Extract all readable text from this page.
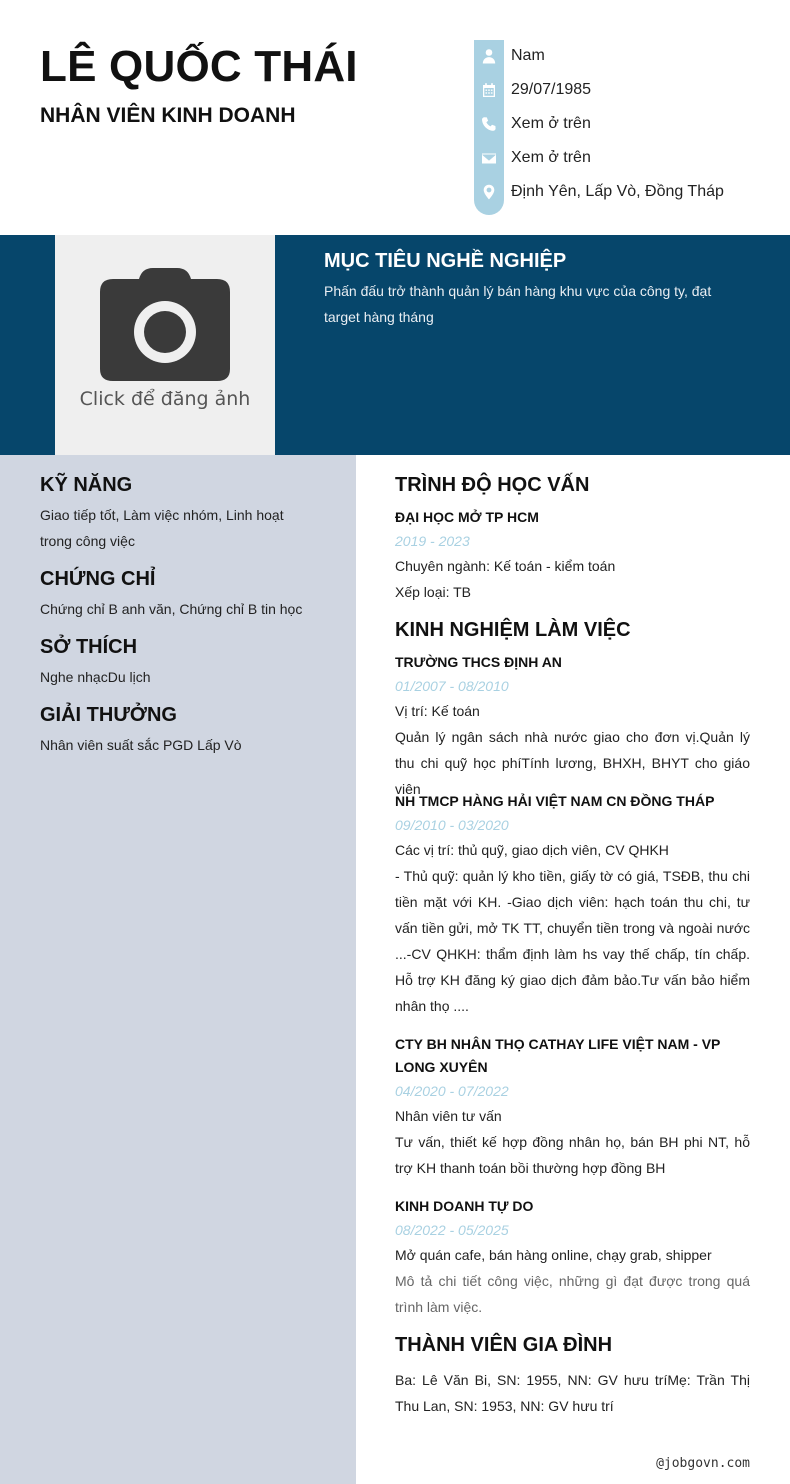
LÊ QUỐC THÁI
NHÂN VIÊN KINH DOANH
Nam
29/07/1985
Xem ở trên
Xem ở trên
Định Yên, Lấp Vò, Đồng Tháp
Click để đăng ảnh
MỤC TIÊU NGHỀ NGHIỆP
Phấn đấu trở thành quản lý bán hàng khu vực của công ty, đạt target hàng tháng
KỸ NĂNG
Giao tiếp tốt, Làm việc nhóm, Linh hoạt trong công việc
CHỨNG CHỈ
Chứng chỉ B anh văn, Chứng chỉ B tin học
SỞ THÍCH
Nghe nhạcDu lịch
GIẢI THƯỞNG
Nhân viên suất sắc PGD Lấp Vò
TRÌNH ĐỘ HỌC VẤN
ĐẠI HỌC MỞ TP HCM
2019 - 2023
Chuyên ngành: Kế toán - kiểm toán
Xếp loại: TB
KINH NGHIỆM LÀM VIỆC
TRƯỜNG THCS ĐỊNH AN
01/2007 - 08/2010
Vị trí: Kế toán
Quản lý ngân sách nhà nước giao cho đơn vị.Quản lý thu chi quỹ học phíTính lương, BHXH, BHYT cho giáo viên
NH TMCP HÀNG HẢI VIỆT NAM CN ĐỒNG THÁP
09/2010 - 03/2020
Các vị trí: thủ quỹ, giao dịch viên, CV QHKH
- Thủ quỹ: quản lý kho tiền, giấy tờ có giá, TSĐB, thu chi tiền mặt với KH. -Giao dịch viên: hạch toán thu chi, tư vấn tiền gửi, mở TK TT, chuyển tiền trong và ngoài nước ...-CV QHKH: thẩm định làm hs vay thế chấp, tín chấp. Hỗ trợ KH đăng ký giao dịch đảm bảo.Tư vấn bảo hiểm nhân thọ ....
CTY BH NHÂN THỌ CATHAY LIFE VIỆT NAM - VP LONG XUYÊN
04/2020 - 07/2022
Nhân viên tư vấn
Tư vấn, thiết kế hợp đồng nhân họ, bán BH phi NT, hỗ trợ KH thanh toán bồi thường hợp đồng BH
KINH DOANH TỰ DO
08/2022 - 05/2025
Mở quán cafe, bán hàng online, chạy grab, shipper
Mô tả chi tiết công việc, những gì đạt được trong quá trình làm việc.
THÀNH VIÊN GIA ĐÌNH
Ba: Lê Văn Bi, SN: 1955, NN: GV hưu tríMẹ: Trần Thị Thu Lan, SN: 1953, NN: GV hưu trí
@jobgovn.com
